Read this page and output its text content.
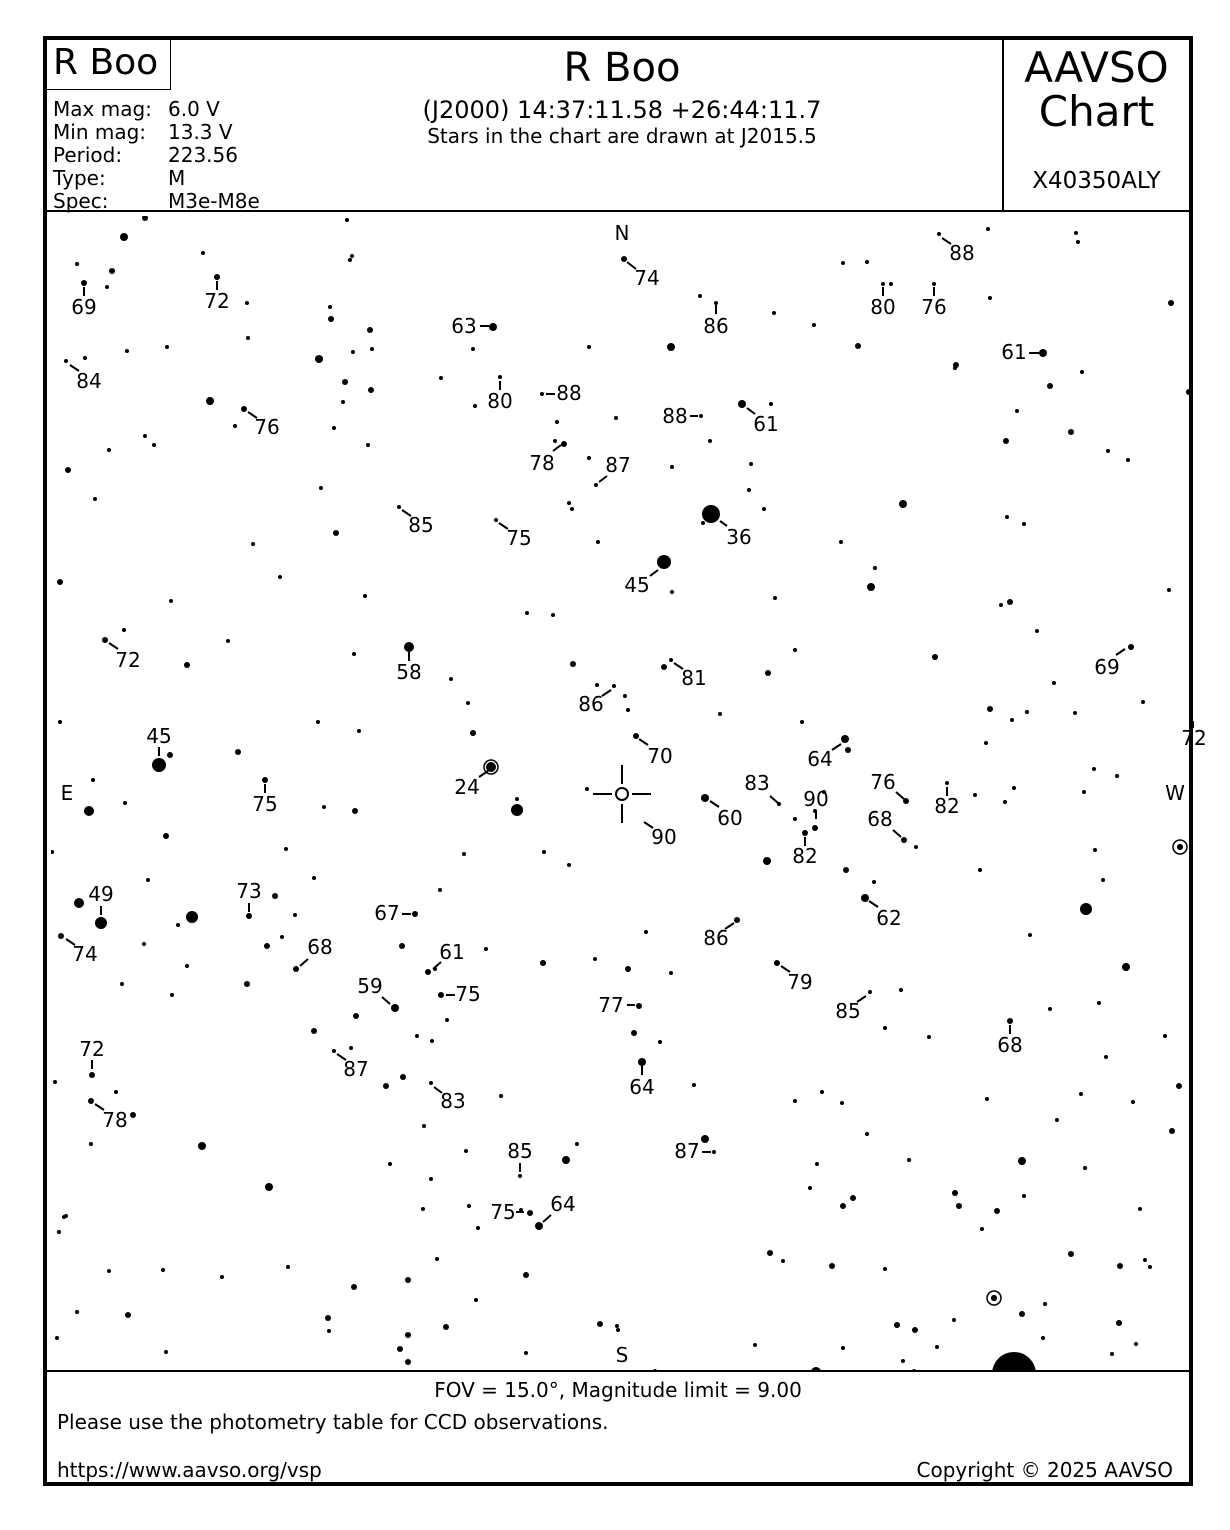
R Boo
Max mag: 6.0 V
Min mag: 13.3 V
Period: 223.56
Type:	M
Spec:	M3e-M8e
R Boo
(J2000) 14:37:11.58 +26:44:11.7
Stars in the chart are drawn at J2015.5
AAVSO
Chart
X40350ALY
69	72
63
74
86
80 76
88
61
84
80 88
76	88	61
78	87
85
75	36
45
72	58	81	69
86
72
45
70	64
24
75
83
90
76
82
60
90
68
82
49	73
67	62
74	68	61
86
79
59	75	77	85
68
72
87
83
64
78
85	87
75 64
N
S
E	W
FOV = 15.0°, Magnitude limit = 9.00
Please use the photometry table for CCD observations.
https://www.aavso.org/vsp	Copyright © 2025 AAVSO
